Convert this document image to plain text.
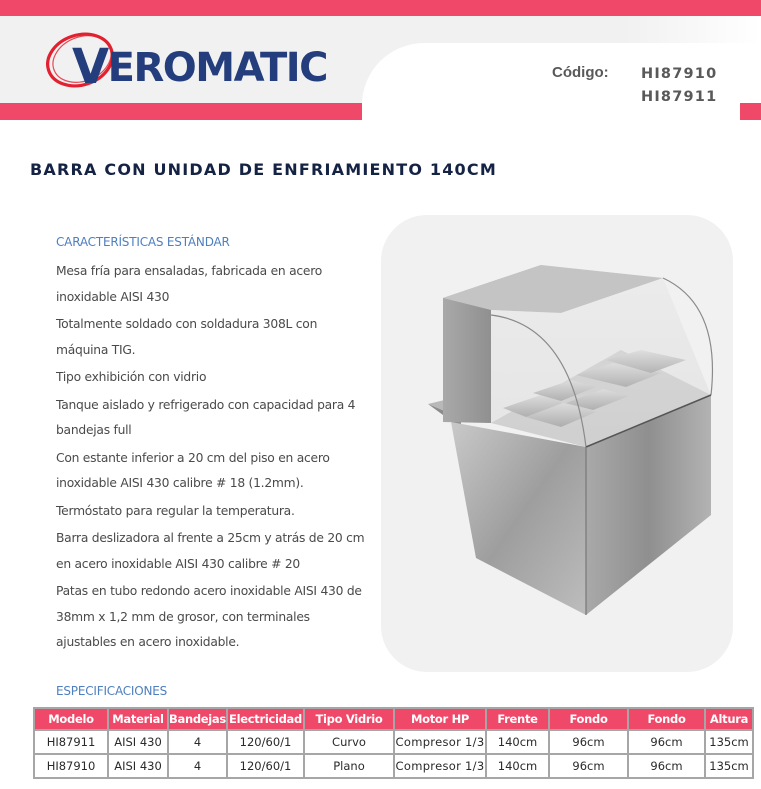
VEROMATIC	Código: HI87910
HI87911
BARRA CON UNIDAD DE ENFRIAMIENTO 140CM
CARACTERÍSTICAS ESTÁNDAR
Mesa fría para ensaladas, fabricada en acero inoxidable AISI 430
Totalmente soldado con soldadura 308L con máquina TIG.
Tipo exhibición con vidrio
Tanque aislado y refrigerado con capacidad para 4 bandejas full
Con estante inferior a 20 cm del piso en acero inoxidable AISI 430 calibre # 18 (1.2mm).
Termóstato para regular la temperatura.
Barra deslizadora al frente a 25cm y atrás de 20 cm en acero inoxidable AISI 430 calibre # 20
Patas en tubo redondo acero inoxidable AISI 430 de 38mm x 1,2 mm de grosor, con terminales ajustables en acero inoxidable.
ESPECIFICACIONES
Modelo	Material	Bandejas	Electricidad	Tipo Vidrio	Motor HP	Frente	Fondo	Fondo	Altura
HI87911	AISI 430	4	120/60/1	Curvo	Compresor 1/3	140cm	96cm	96cm	135cm
HI87910	AISI 430	4	120/60/1	Plano	Compresor 1/3	140cm	96cm	96cm	135cm
